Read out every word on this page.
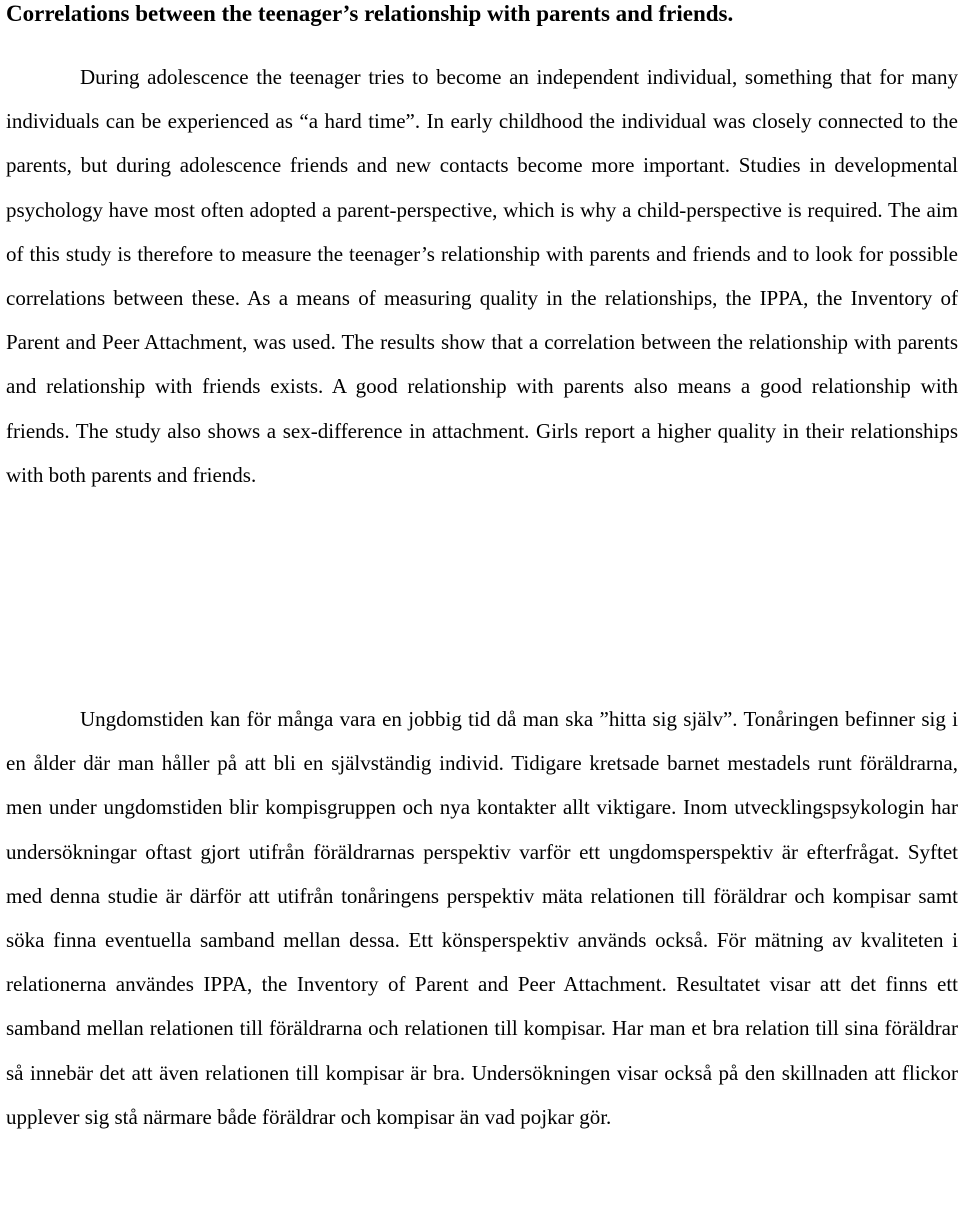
Correlations between the teenager’s relationship with parents and friends.

During adolescence the teenager tries to become an independent individual, something that for many individuals can be experienced as “a hard time”. In early childhood the individual was closely connected to the parents, but during adolescence friends and new contacts become more important. Studies in developmental psychology have most often adopted a parent-perspective, which is why a child-perspective is required. The aim of this study is therefore to measure the teenager’s relationship with parents and friends and to look for possible correlations between these. As a means of measuring quality in the relationships, the IPPA, the Inventory of Parent and Peer Attachment, was used. The results show that a correlation between the relationship with parents and relationship with friends exists. A good relationship with parents also means a good relationship with friends. The study also shows a sex-difference in attachment. Girls report a higher quality in their relationships with both parents and friends.

Ungdomstiden kan för många vara en jobbig tid då man ska ”hitta sig själv”. Tonåringen befinner sig i en ålder där man håller på att bli en självständig individ. Tidigare kretsade barnet mestadels runt föräldrarna, men under ungdomstiden blir kompisgruppen och nya kontakter allt viktigare. Inom utvecklingspsykologin har undersökningar oftast gjort utifrån föräldrarnas perspektiv varför ett ungdomsperspektiv är efterfrågat. Syftet med denna studie är därför att utifrån tonåringens perspektiv mäta relationen till föräldrar och kompisar samt söka finna eventuella samband mellan dessa. Ett könsperspektiv används också. För mätning av kvaliteten i relationerna användes IPPA, the Inventory of Parent and Peer Attachment. Resultatet visar att det finns ett samband mellan relationen till föräldrarna och relationen till kompisar. Har man et bra relation till sina föräldrar så innebär det att även relationen till kompisar är bra. Undersökningen visar också på den skillnaden att flickor upplever sig stå närmare både föräldrar och kompisar än vad pojkar gör.
